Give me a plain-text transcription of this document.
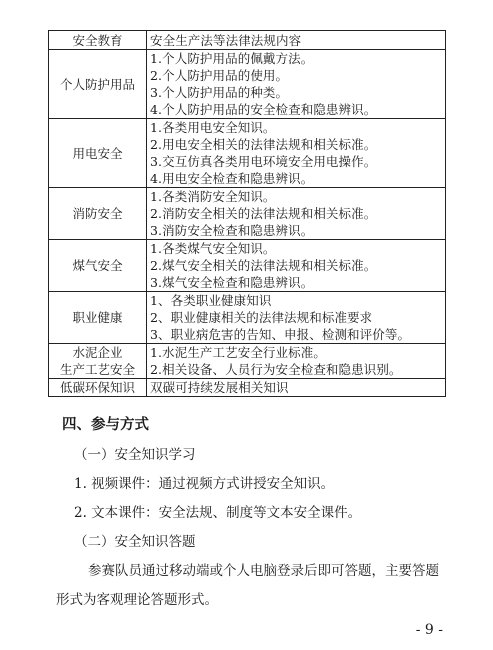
安全教育	安全生产法等法律法规内容

个人防护用品	1.个人防护用品的佩戴方法。
2.个人防护用品的使用。
3.个人防护用品的种类。
4.个人防护用品的安全检查和隐患辨识。

用电安全	1.各类用电安全知识。
2.用电安全相关的法律法规和相关标准。
3.交互仿真各类用电环境安全用电操作。
4.用电安全检查和隐患辨识。

消防安全	1.各类消防安全知识。
2.消防安全相关的法律法规和相关标准。
3.消防安全检查和隐患辨识。

煤气安全	1.各类煤气安全知识。
2.煤气安全相关的法律法规和相关标准。
3.煤气安全检查和隐患辨识。

职业健康	1、各类职业健康知识
2、职业健康相关的法律法规和标准要求
3、职业病危害的告知、申报、检测和评价等。

水泥企业
生产工艺安全	1.水泥生产工艺安全行业标准。
2.相关设备、人员行为安全检查和隐患识别。

低碳环保知识	双碳可持续发展相关知识
四、参与方式
（一）安全知识学习
1. 视频课件：通过视频方式讲授安全知识。
2. 文本课件：安全法规、制度等文本安全课件。
（二）安全知识答题
参赛队员通过移动端或个人电脑登录后即可答题，主要答题
形式为客观理论答题形式。
- 9 -
